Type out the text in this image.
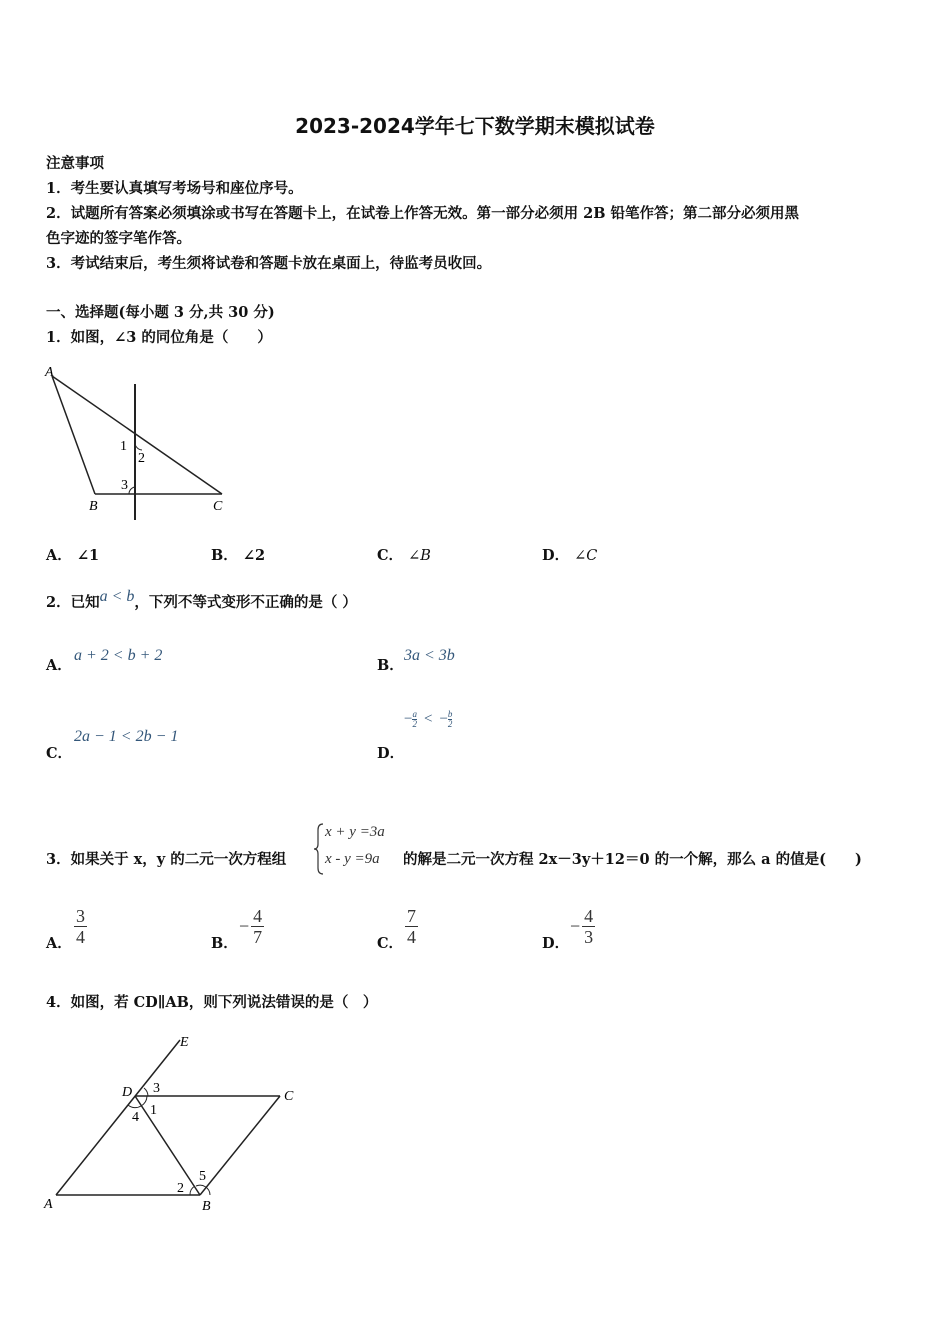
2023-2024学年七下数学期末模拟试卷
注意事项
1．考生要认真填写考场号和座位序号。
2．试题所有答案必须填涂或书写在答题卡上，在试卷上作答无效。第一部分必须用 2B 铅笔作答；第二部分必须用黑
色字迹的签字笔作答。
3．考试结束后，考生须将试卷和答题卡放在桌面上，待监考员收回。
一、选择题(每小题 3 分,共 30 分)
1．如图，∠3 的同位角是（　　）
A
B	C
1
2
3
A． ∠1	B． ∠2	C． ∠B	D． ∠C
2．已知a < b，下列不等式变形不正确的是（ ）
A．
a + 2 < b + 2
B．
3a < 3b
C．
2a − 1 < 2b − 1
D．
− $\frac{a}{2}$ < − $\frac{b}{2}$
3．如果关于 x，y 的二元一次方程组
x + y =3a
x - y =9a 的解是二元一次方程 2x－3y＋12＝0 的一个解，那么 a 的值是(　　)
A． $\frac{3}{4}$	B．
− $\frac{4}{7}$	C． $\frac{7}{4}$	D．
− $\frac{4}{3}$
4．如图，若 CD∥AB，则下列说法错误的是（　）
A	B
C
D
E
3
1
4
2
5
